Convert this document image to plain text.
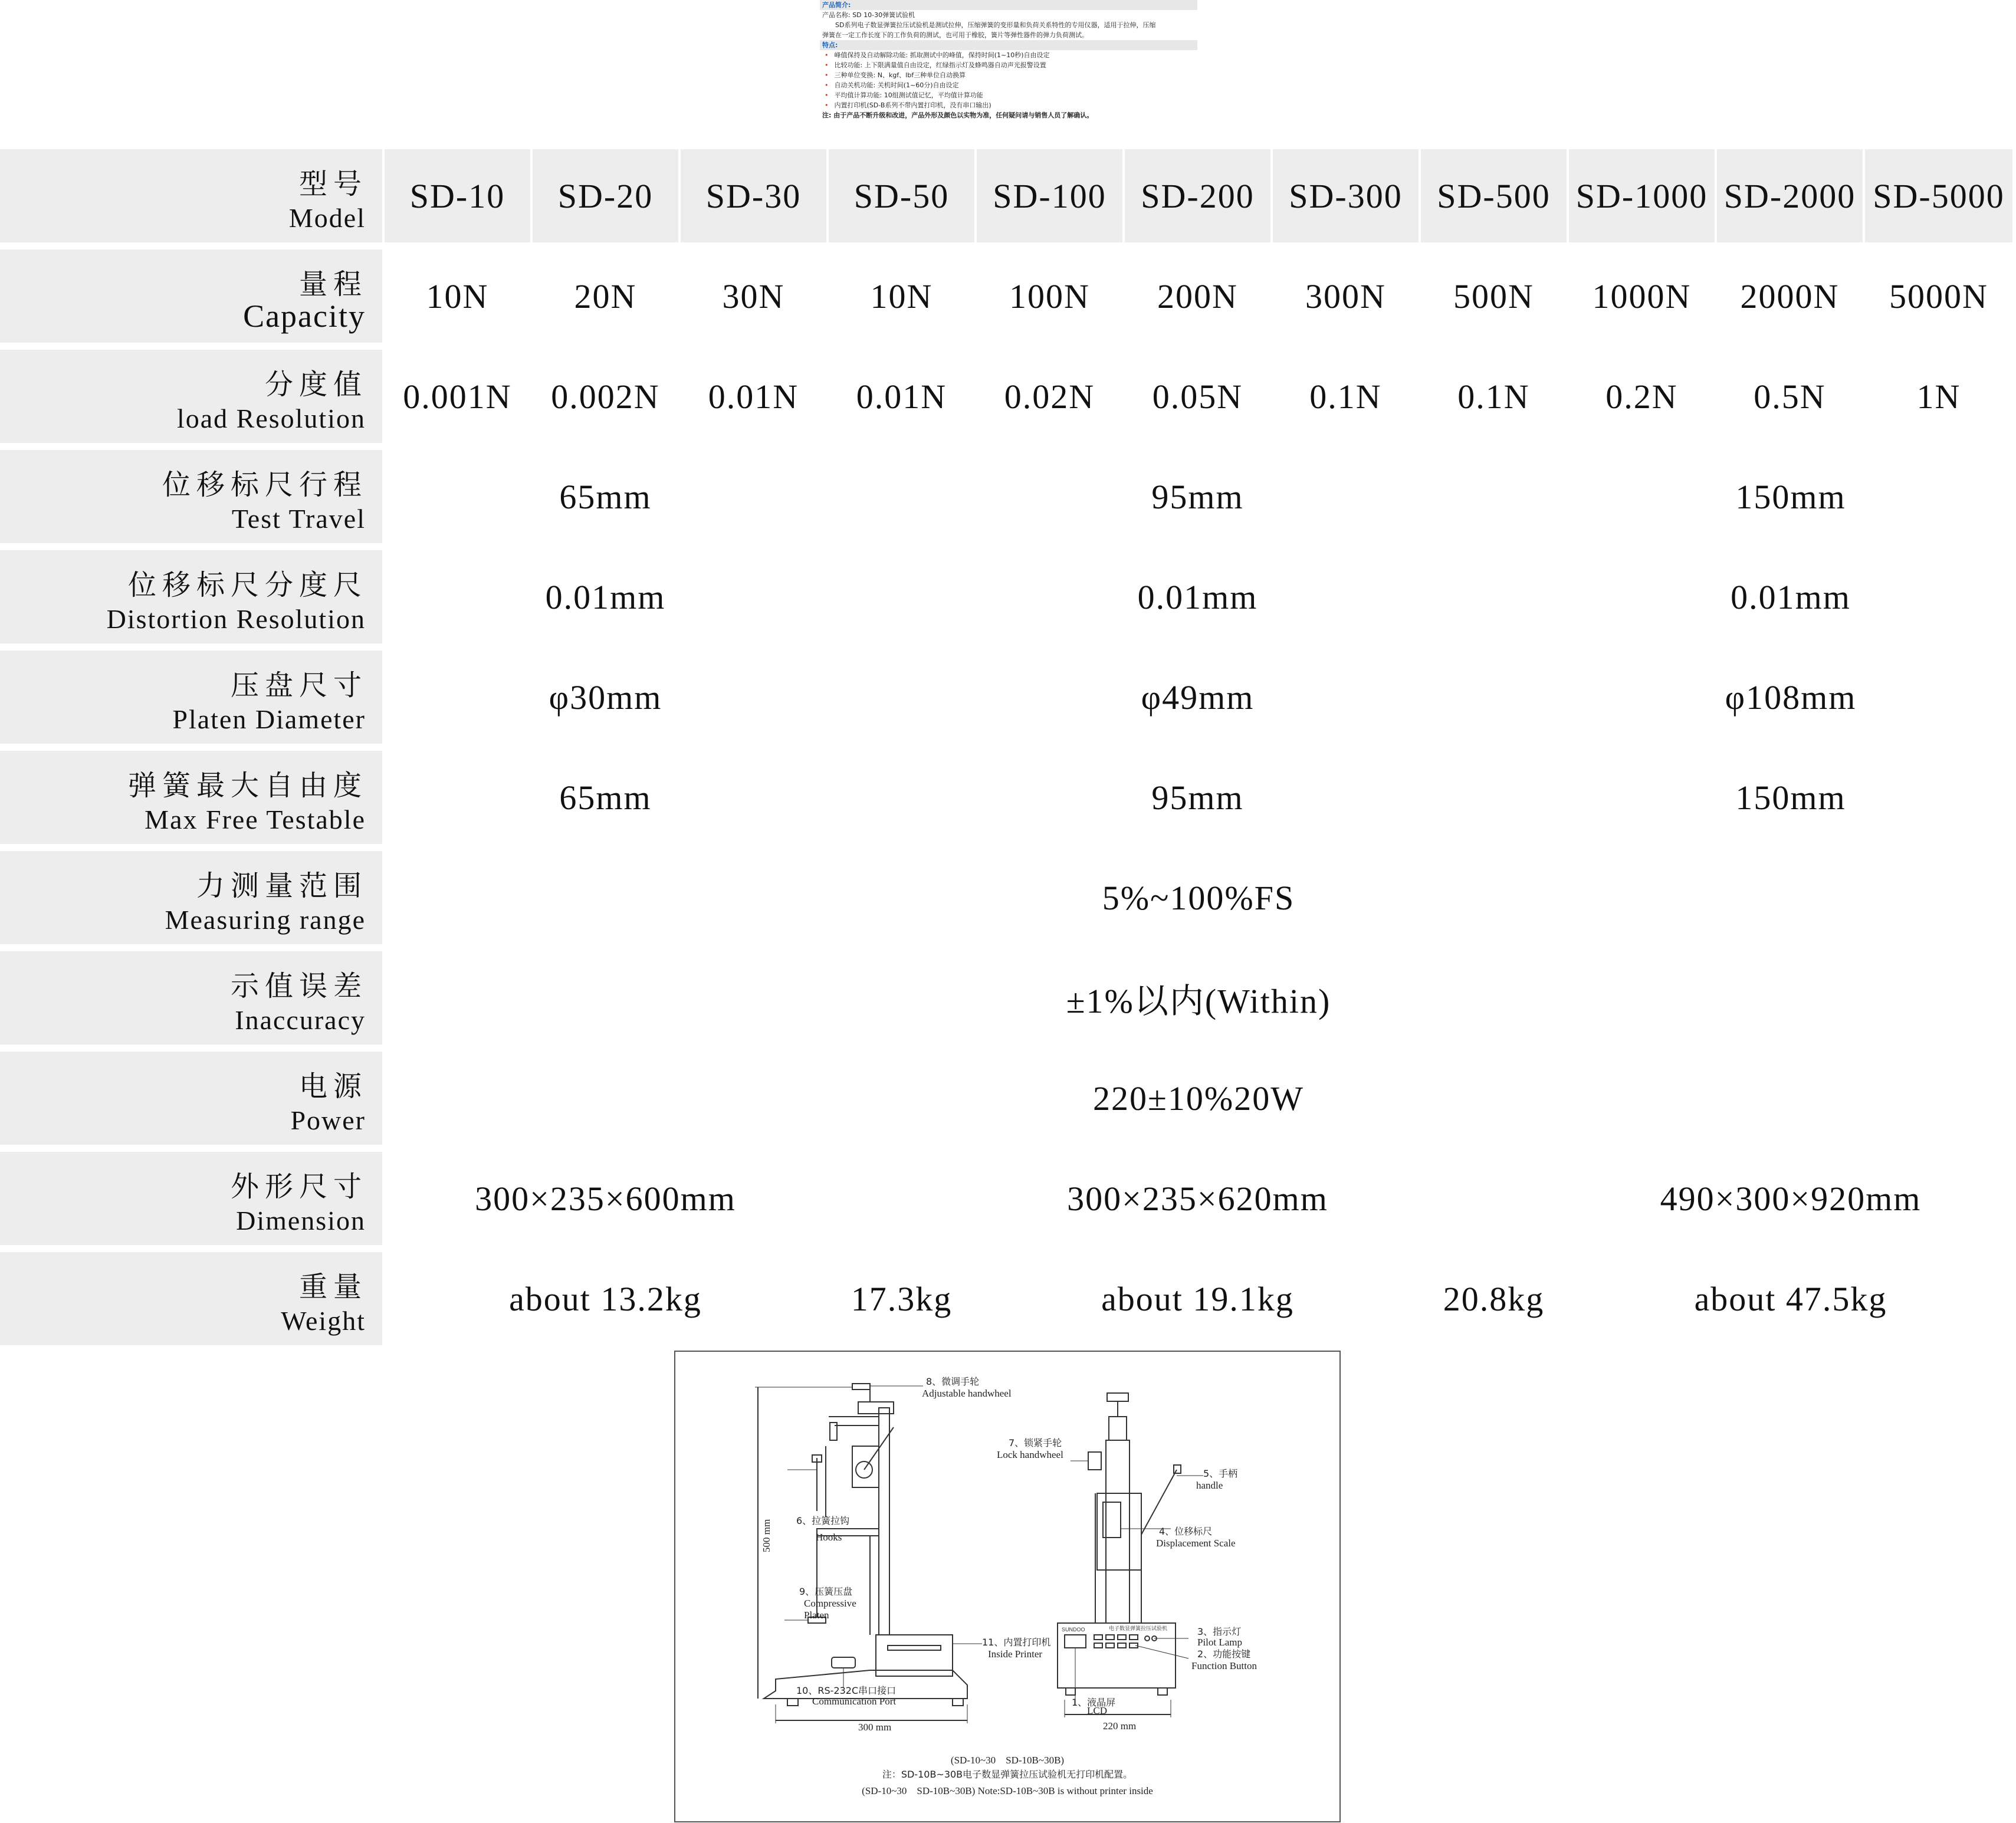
产品简介:
产品名称: SD 10-30弹簧试验机
SD系列电子数显弹簧拉压试验机是测试拉伸，压缩弹簧的变形量和负荷关系特性的专用仪器，适用于拉伸，压缩
弹簧在一定工作长度下的工作负荷的测试，也可用于橡胶，簧片等弹性器件的弹力负荷测试。
特点:
• 峰值保持及自动解除功能: 抓取测试中的峰值，保持时间(1~10秒)自由设定
• 比较功能: 上下限满量值自由设定，红绿指示灯及蜂鸣器自动声光报警设置
• 三种单位变换: N、kgf、lbf三种单位自动换算
• 自动关机功能: 关机时间(1~60分)自由设定
• 平均值计算功能: 10组测试值记忆，平均值计算功能
• 内置打印机(SD-B系列不带内置打印机，没有串口输出)
注: 由于产品不断升级和改进，产品外形及颜色以实物为准，任何疑问请与销售人员了解确认。
型号
Model
SD-10	SD-20	SD-30	SD-50	SD-100	SD-200	SD-300	SD-500 SD-1000 SD-2000 SD-5000
量程
Capacity
10N	20N	30N	10N	100N	200N	300N	500N	1000N	2000N	5000N
分度值
load Resolution
0.001N	0.002N	0.01N	0.01N	0.02N	0.05N	0.1N	0.1N	0.2N	0.5N	1N
位移标尺行程
Test Travel
65mm	95mm	150mm
位移标尺分度尺
Distortion Resolution
0.01mm	0.01mm	0.01mm
压盘尺寸
Platen Diameter
φ30mm	φ49mm	φ108mm
弹簧最大自由度
Max Free Testable
65mm	95mm	150mm
力测量范围
Measuring range
5%~100%FS
示值误差
Inaccuracy	±1%以内(Within)
电源
Power
220±10%20W
外形尺寸
Dimension
300×235×600mm	300×235×620mm	490×300×920mm
重量
Weight
about 13.2kg	17.3kg	about 19.1kg	20.8kg	about 47.5kg
8、微调手轮
Adjustable handwheel
7、锁紧手轮
Lock handwheel
5、手柄
handle
6、拉簧拉钩
Hooks
4、位移标尺
Displacement Scale
9、压簧压盘
Compressive
Platen
11、内置打印机
Inside Printer
3、指示灯
Pilot Lamp
2、功能按键
Function Button
10、RS-232C串口接口
Communication Port	1、液晶屏
LCD
500 mm
300 mm	220 mm
SUNDOO	电子数显弹簧拉压试验机
(SD-10~30　SD-10B~30B)
注：SD-10B~30B电子数显弹簧拉压试验机无打印机配置。
(SD-10~30　SD-10B~30B) Note:SD-10B~30B is without printer inside
